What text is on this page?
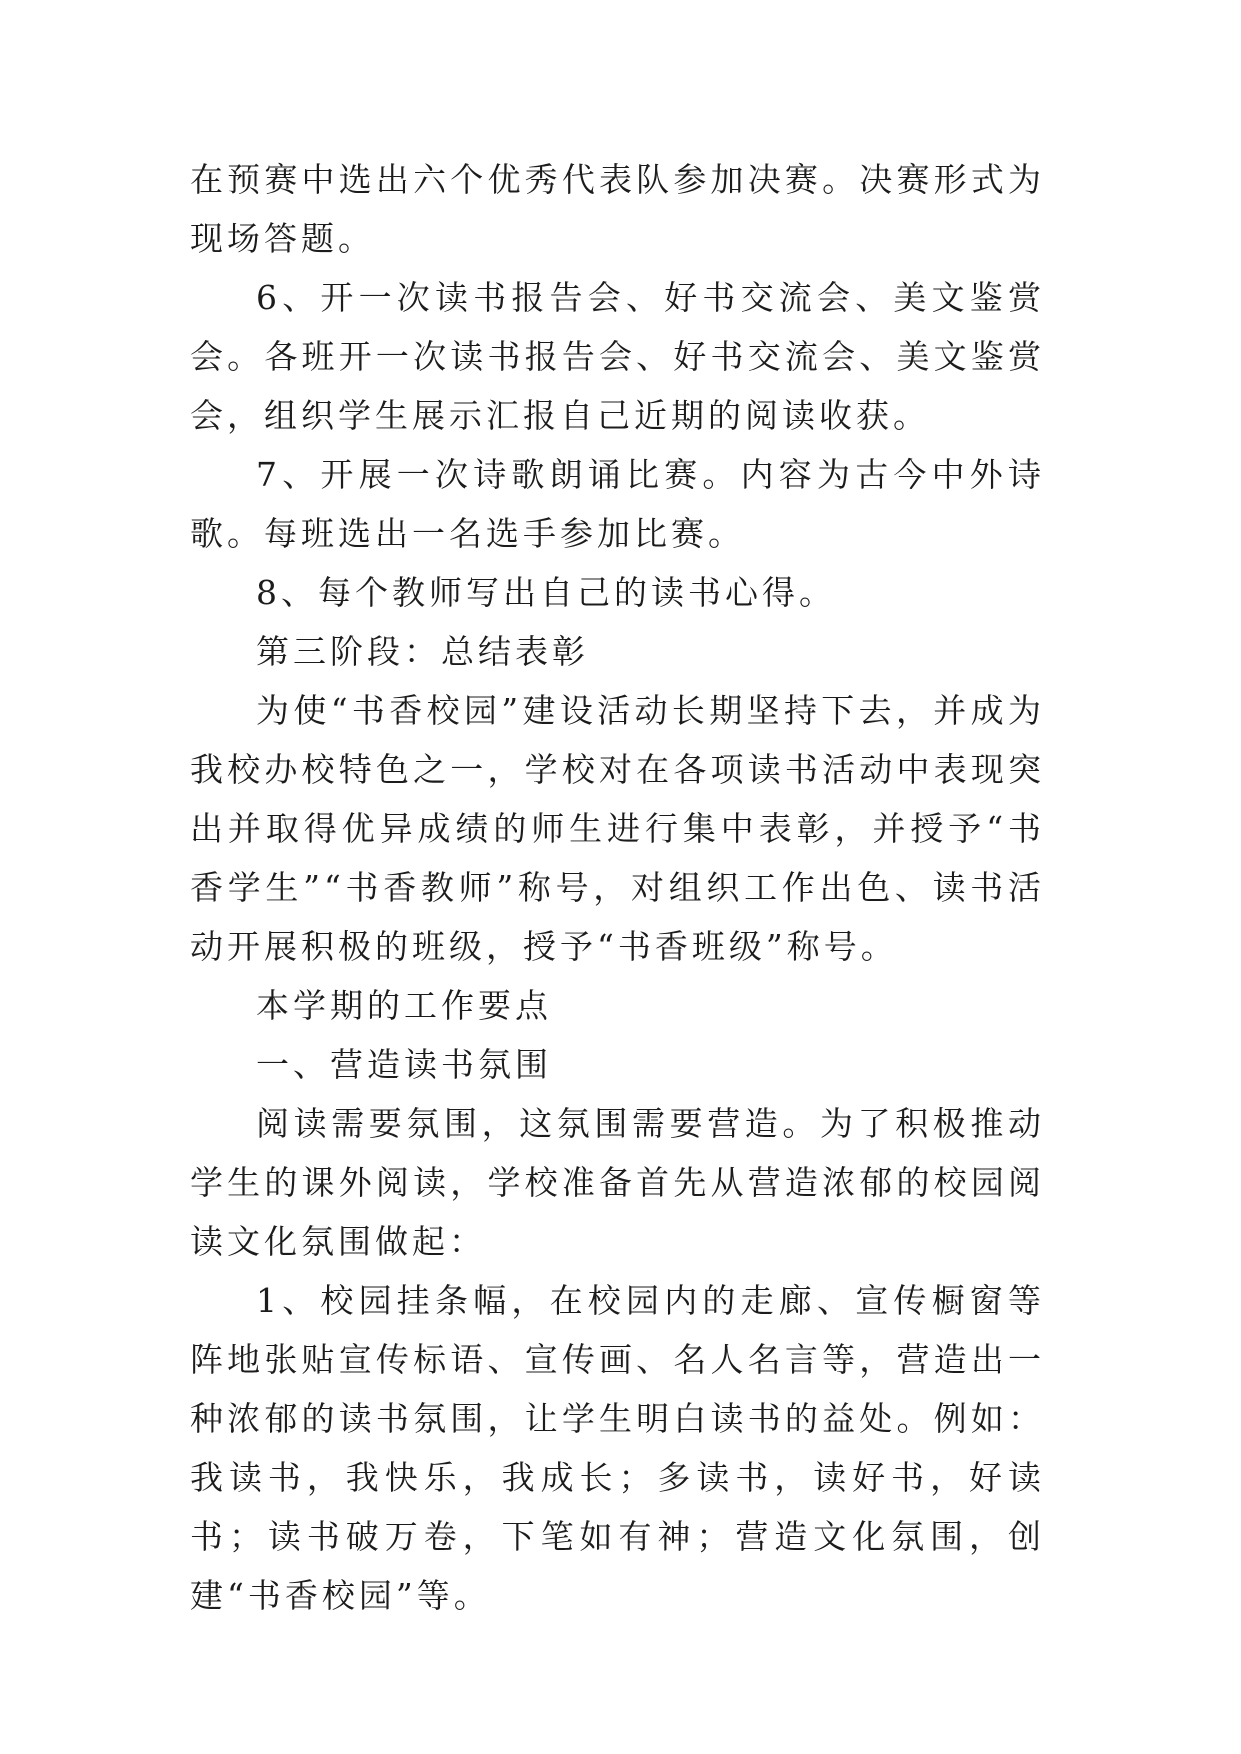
在预赛中选出六个优秀代表队参加决赛。决赛形式为现场答题。

6、开一次读书报告会、好书交流会、美文鉴赏会。各班开一次读书报告会、好书交流会、美文鉴赏会，组织学生展示汇报自己近期的阅读收获。

7、开展一次诗歌朗诵比赛。内容为古今中外诗歌。每班选出一名选手参加比赛。

8、每个教师写出自己的读书心得。

第三阶段：总结表彰

为使“书香校园”建设活动长期坚持下去，并成为我校办校特色之一，学校对在各项读书活动中表现突出并取得优异成绩的师生进行集中表彰，并授予“书香学生”“书香教师”称号，对组织工作出色、读书活动开展积极的班级，授予“书香班级”称号。

本学期的工作要点

一、营造读书氛围

阅读需要氛围，这氛围需要营造。为了积极推动学生的课外阅读，学校准备首先从营造浓郁的校园阅读文化氛围做起：

1、校园挂条幅，在校园内的走廊、宣传橱窗等阵地张贴宣传标语、宣传画、名人名言等，营造出一种浓郁的读书氛围，让学生明白读书的益处。例如：我读书，我快乐，我成长；多读书，读好书，好读书；读书破万卷，下笔如有神；营造文化氛围，创建“书香校园”等。
